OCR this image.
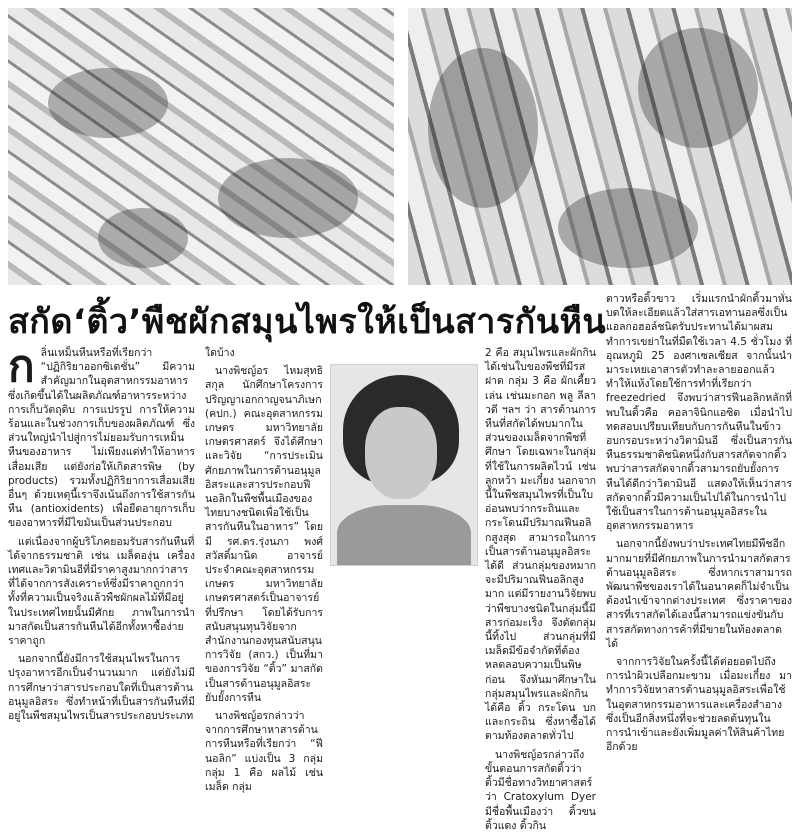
สกัด‘ติ้ว’พืชผักสมุนไพรให้เป็นสารกันหืน

กลิ่นเหม็นหืนหรือที่เรียกว่า “ปฏิกิริยาออกซิเดชั่น” มีความสำคัญมากในอุตสาหกรรมอาหาร ซึ่งเกิดขึ้นได้ในผลิตภัณฑ์อาหารระหว่างการเก็บวัตถุดิบ การแปรรูป การให้ความร้อนและในช่วงการเก็บของผลิตภัณฑ์ ซึ่งส่วนใหญ่นำไปสู่การไม่ยอมรับการเหม็นหืนของอาหาร ไม่เพียงแต่ทำให้อาหารเสื่อมเสีย แต่ยังก่อให้เกิดสารพิษ (by products) รวมทั้งปฏิกิริยาการเสื่อมเสียอื่นๆ ด้วยเหตุนี้เราจึงเน้นถึงการใช้สารกันหืน (antioxidents) เพื่อยืดอายุการเก็บของอาหารที่มีไขมันเป็นส่วนประกอบ

แต่เนื่องจากผู้บริโภคยอมรับสารกันหืนที่ได้จากธรรมชาติ เช่น เมล็ดองุ่น เครื่องเทศและวิตามินอีที่มีราคาสูงมากกว่าสารที่ได้จากการสังเคราะห์ซึ่งมีราคาถูกกว่า ทั้งที่ความเป็นจริงแล้วพืชผักผลไม้ที่มีอยู่ในประเทศไทยนั้นมีศักย ภาพในการนำมาสกัดเป็นสารกันหืนได้อีกทั้งหาซื้อง่ายราคาถูก

นอกจากนี้ยังมีการใช้สมุนไพรในการปรุงอาหารอีกเป็นจำนวนมาก แต่ยังไม่มีการศึกษาว่าสารประกอบใดที่เป็นสารต้านอนุมูลอิสระ ซึ่งทำหน้าที่เป็นสารกันหืนที่มีอยู่ในพืชสมุนไพรเป็นสารประกอบประเภท

ใดบ้าง

นางพิชญ์อร ไหมสุทธิสกุล นักศึกษาโครงการปริญญาเอกกาญจนาภิเษก (คปก.) คณะอุตสาหกรรมเกษตร มหาวิทยาลัยเกษตรศาสตร์ จึงได้ศึกษาและวิจัย “การประเมินศักยภาพในการต้านอนุมูลอิสระและสารประกอบฟีนอลิกในพืชพื้นเมืองของไทยบางชนิดเพื่อใช้เป็นสารกันหืนในอาหาร” โดยมี รศ.ดร.รุ่งนภา พงศ์สวัสดิ์มานิต อาจารย์ประจำคณะอุตสาหกรรมเกษตร มหาวิทยาลัยเกษตรศาสตร์เป็นอาจารย์ที่ปรึกษา โดยได้รับการสนับสนุนทุนวิจัยจากสำนักงานกองทุนสนับสนุนการวิจัย (สกว.) เป็นที่มาของการวิจัย “ติ้ว” มาสกัดเป็นสารต้านอนุมูลอิสระยับยั้งการหืน

นางพิชญ์อรกล่าวว่า จากการศึกษาหาสารต้านการหืนหรือที่เรียกว่า “ฟีนอลิก” แบ่งเป็น 3 กลุ่ม กลุ่ม 1 คือ ผลไม้ เช่น เมล็ด กลุ่ม

2 คือ สมุนไพรและผักกินได้เช่นใบของพืชที่มีรสฝาด กลุ่ม 3 คือ ผักเคี้ยวเล่น เช่นมะกอก พลู ลีลาวดี ฯลฯ ว่า สารต้านการหืนที่สกัดได้พบมากในส่วนของเมล็ดจากพืชที่ศึกษา โดยเฉพาะในกลุ่มที่ใช้ในการผลิตไวน์ เช่น ลูกหว้า มะเกี๋ยง นอกจากนี้ในพืชสมุนไพรที่เป็นใบอ่อนพบว่ากระถินและกระโดนมีปริมาณฟีนอลิกสูงสุด สามารถในการเป็นสารต้านอนุมูลอิสระได้ดี ส่วนกลุ่มของหมากจะมีปริมาณฟีนอลิกสูงมาก แต่มีรายงานวิจัยพบว่าพืชบางชนิดในกลุ่มนี้มีสารก่อมะเร็ง จึงตัดกลุ่มนี้ทิ้งไป ส่วนกลุ่มที่มีเมล็ดมีข้อจำกัดที่ต้องหลดลอบความเป็นพิษก่อน จึงหันมาศึกษาในกลุ่มสมุนไพรและผักกินได้คือ ติ้ว กระโดน บก และกระถิน ซึ่งหาซื้อได้ตามท้องตลาดทั่วไป

นางพิชญ์อรกล่าวถึงขั้นตอนการสกัดติ้วว่า ติ้วมีชื่อทางวิทยาศาสตร์ว่า Cratoxylum Dyer มีชื่อพื้นเมืองว่า ติ้วขน ติ้วแดง ติ้วกิน

ตาวหรือติ้วขาว เริ่มแรกนำผักติ้วมาหั่น บดให้ละเอียดแล้วใส่สารเอทานอลซึ่งเป็นแอลกอฮอล์ชนิดรับประทานได้มาผสม ทำการเขย่าในที่มืดใช้เวลา 4.5 ชั่วโมง ที่อุณหภูมิ 25 องศาเซลเซียส จากนั้นนำมาระเหยเอาสารตัวทำละลายออกแล้วทำให้แห้งโดยใช้การทำที่เรียกว่า freezedried จึงพบว่าสารฟีนอลิกหลักที่พบในติ้วคือ คอลาจินิกแอซิด เมื่อนำไปทดสอบเปรียบเทียบกับการกันหืนในข้าวอบกรอบระหว่างวิตามินอี ซึ่งเป็นสารกันหืนธรรมชาติชนิดหนึ่งกับสารสกัดจากติ้ว พบว่าสารสกัดจากติ้วสามารถยับยั้งการหืนได้ดีกว่าวิตามินอี แสดงให้เห็นว่าสารสกัดจากติ้วมีความเป็นไปได้ในการนำไปใช้เป็นสารในการต้านอนุมูลอิสระในอุตสาหกรรมอาหาร

นอกจากนี้ยังพบว่าประเทศไทยมีพืชอีกมากมายที่มีศักยภาพในการนำมาสกัดสารต้านอนุมูลอิสระ ซึ่งหากเราสามารถพัฒนาพืชของเราได้ในอนาคตก็ไม่จำเป็นต้องนำเข้าจากต่างประเทศ ซึ่งราคาของสารที่เราสกัดได้เองนี้สามารถแข่งขันกับสารสกัดทางการค้าที่มีขายในท้องตลาดได้

จากการวิจัยในครั้งนี้ได้ต่อยอดไปถึงการนำผิวเปลือกมะขาม เมื่อมะเกี๋ยง มาทำการวิจัยหาสารต้านอนุมูลอิสระเพื่อใช้ในอุตสาหกรรมอาหารและเครื่องสำอาง ซึ่งเป็นอีกสิ่งหนึ่งที่จะช่วยลดต้นทุนในการนำเข้าและยังเพิ่มมูลค่าให้สินค้าไทยอีกด้วย
